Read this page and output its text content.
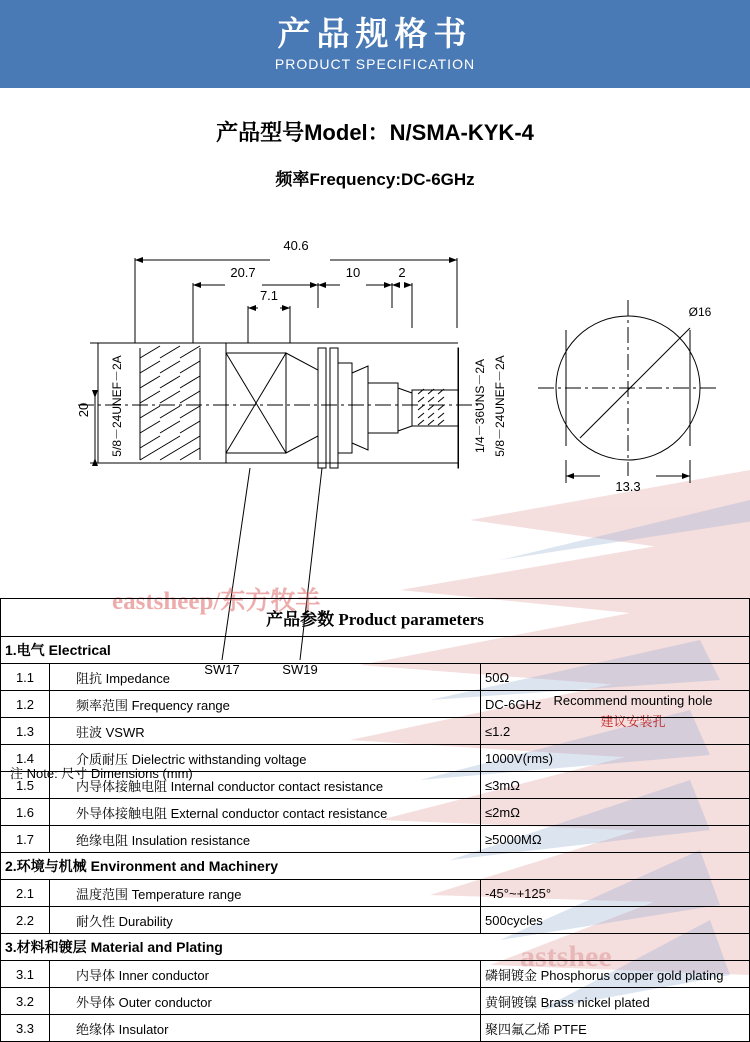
产品规格书
PRODUCT SPECIFICATION
产品型号Model：N/SMA-KYK-4
频率Frequency:DC-6GHz
40.6
20.7	10	2
7.1
20 5/8－24UNEF－2A	1/4－36UNS－2A 5/8－24UNEF－2A
SW17	SW19
Ø16
13.3
eastsheep/东方牧羊
Recommend mounting hole
建议安装孔
注 Note: 尺寸 Dimensions (mm)
astshee
产品参数 Product parameters		
1.电气 Electrical		
1.1	阻抗 Impedance	50Ω
1.2	频率范围 Frequency range	DC-6GHz
1.3	驻波 VSWR	≤1.2
1.4	介质耐压 Dielectric withstanding voltage	1000V(rms)
1.5	内导体接触电阻 Internal conductor contact resistance	≤3mΩ
1.6	外导体接触电阻 External conductor contact resistance	≤2mΩ
1.7	绝缘电阻 Insulation resistance	≥5000MΩ
2.环境与机械 Environment and Machinery		
2.1	温度范围 Temperature range	-45°~+125°
2.2	耐久性 Durability	500cycles
3.材料和镀层 Material and Plating		
3.1	内导体 Inner conductor	磷铜镀金 Phosphorus copper gold plating
3.2	外导体 Outer conductor	黄铜镀镍 Brass nickel plated
3.3	绝缘体 Insulator	聚四氟乙烯 PTFE
